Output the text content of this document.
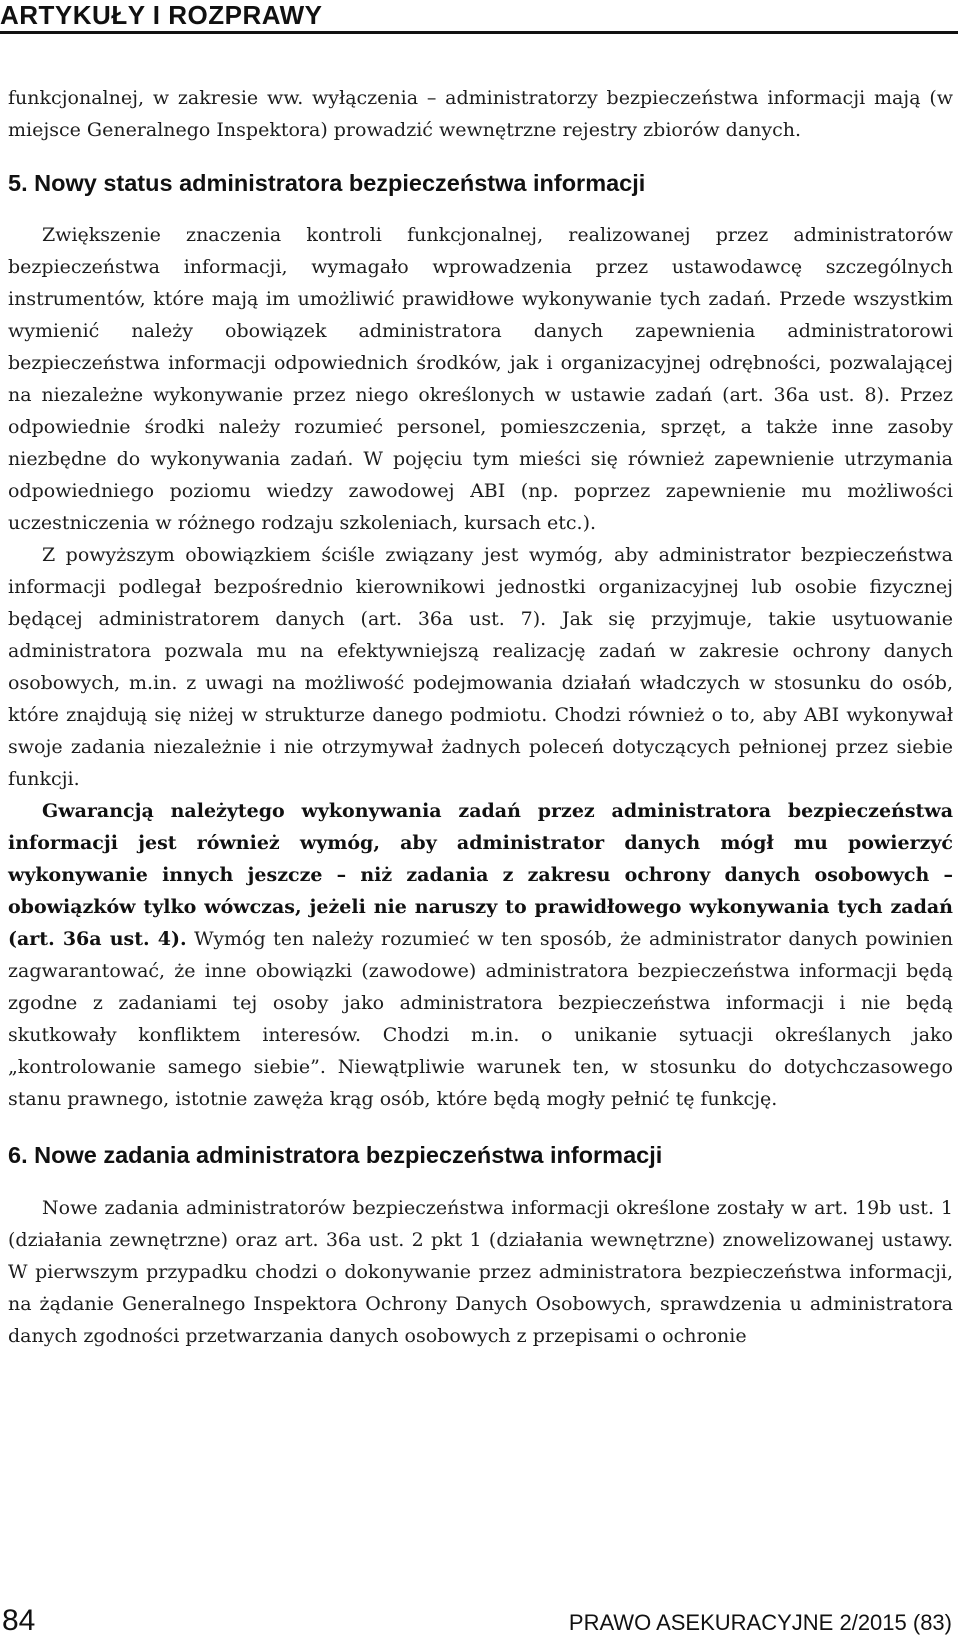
ARTYKUŁY I ROZPRAWY

funkcjonalnej, w zakresie ww. wyłączenia – administratorzy bezpieczeństwa informacji mają (w miejsce Generalnego Inspektora) prowadzić wewnętrzne rejestry zbiorów danych.

5. Nowy status administratora bezpieczeństwa informacji

Zwiększenie znaczenia kontroli funkcjonalnej, realizowanej przez administratorów bezpieczeństwa informacji, wymagało wprowadzenia przez ustawodawcę szczególnych instrumentów, które mają im umożliwić prawidłowe wykonywanie tych zadań. Przede wszystkim wymienić należy obowiązek administratora danych zapewnienia administratorowi bezpieczeństwa informacji odpowiednich środków, jak i organizacyjnej odrębności, pozwalającej na niezależne wykonywanie przez niego określonych w ustawie zadań (art. 36a ust. 8). Przez odpowiednie środki należy rozumieć personel, pomieszczenia, sprzęt, a także inne zasoby niezbędne do wykonywania zadań. W pojęciu tym mieści się również zapewnienie utrzymania odpowiedniego poziomu wiedzy zawodowej ABI (np. poprzez zapewnienie mu możliwości uczestniczenia w różnego rodzaju szkoleniach, kursach etc.).

Z powyższym obowiązkiem ściśle związany jest wymóg, aby administrator bezpieczeństwa informacji podlegał bezpośrednio kierownikowi jednostki organizacyjnej lub osobie fizycznej będącej administratorem danych (art. 36a ust. 7). Jak się przyjmuje, takie usytuowanie administratora pozwala mu na efektywniejszą realizację zadań w zakresie ochrony danych osobowych, m.in. z uwagi na możliwość podejmowania działań władczych w stosunku do osób, które znajdują się niżej w strukturze danego podmiotu. Chodzi również o to, aby ABI wykonywał swoje zadania niezależnie i nie otrzymywał żadnych poleceń dotyczących pełnionej przez siebie funkcji.

Gwarancją należytego wykonywania zadań przez administratora bezpieczeństwa informacji jest również wymóg, aby administrator danych mógł mu powierzyć wykonywanie innych jeszcze – niż zadania z zakresu ochrony danych osobowych – obowiązków tylko wówczas, jeżeli nie naruszy to prawidłowego wykonywania tych zadań (art. 36a ust. 4). Wymóg ten należy rozumieć w ten sposób, że administrator danych powinien zagwarantować, że inne obowiązki (zawodowe) administratora bezpieczeństwa informacji będą zgodne z zadaniami tej osoby jako administratora bezpieczeństwa informacji i nie będą skutkowały konfliktem interesów. Chodzi m.in. o unikanie sytuacji określanych jako „kontrolowanie samego siebie”. Niewątpliwie warunek ten, w stosunku do dotychczasowego stanu prawnego, istotnie zawęża krąg osób, które będą mogły pełnić tę funkcję.

6. Nowe zadania administratora bezpieczeństwa informacji

Nowe zadania administratorów bezpieczeństwa informacji określone zostały w art. 19b ust. 1 (działania zewnętrzne) oraz art. 36a ust. 2 pkt 1 (działania wewnętrzne) znowelizowanej ustawy. W pierwszym przypadku chodzi o dokonywanie przez administratora bezpieczeństwa informacji, na żądanie Generalnego Inspektora Ochrony Danych Osobowych, sprawdzenia u administratora danych zgodności przetwarzania danych osobowych z przepisami o ochronie

84	PRAWO ASEKURACYJNE 2/2015 (83)
